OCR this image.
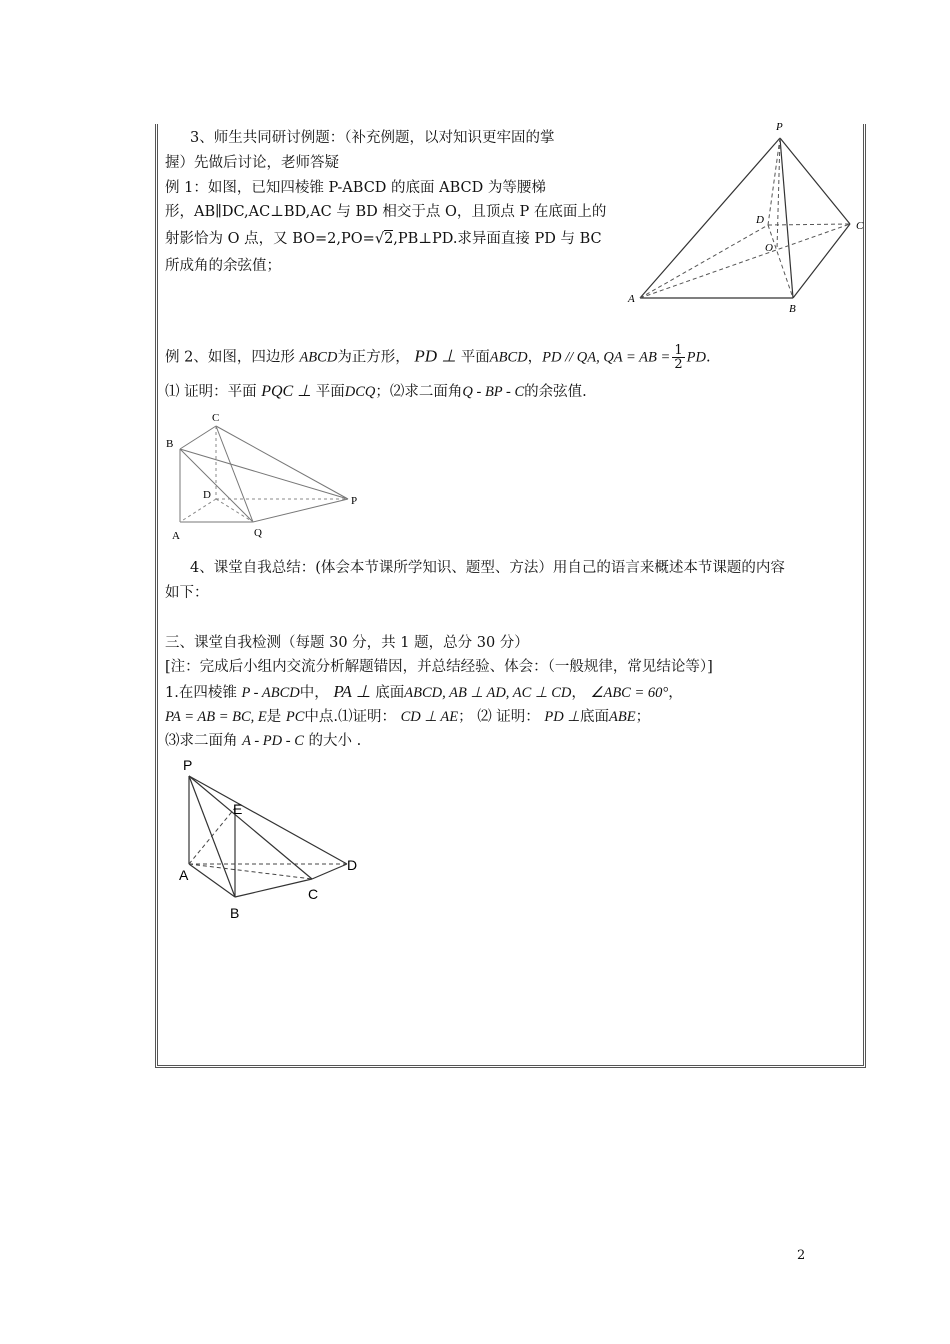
3、师生共同研讨例题：（补充例题，以对知识更牢固的掌
握）先做后讨论，老师答疑
例 1：如图，已知四棱锥 P-ABCD 的底面 ABCD 为等腰梯
形，AB∥DC,AC⊥BD,AC 与 BD 相交于点 O，且顶点 P 在底面上的
射影恰为 O 点，又 BO=2,PO=√2,PB⊥PD.求异面直接 PD 与 BC
所成角的余弦值；
P
A
B
C
D
O
例 2、如图，四边形 ABCD为正方形， PD ⊥ 平面ABCD，PD // QA, QA = AB = $\frac{1}{2}$ PD.
⑴ 证明：平面 PQC ⊥ 平面DCQ；⑵求二面角Q - BP - C的余弦值.
C
B
D	P
A	Q
4、课堂自我总结：(体会本节课所学知识、题型、方法）用自己的语言来概述本节课题的内容
如下：
三、课堂自我检测（每题 30 分，共 1 题，总分 30 分）
[注：完成后小组内交流分析解题错因，并总结经验、体会：（一般规律，常见结论等）]
1.在四棱锥 P - ABCD中， PA ⊥ 底面ABCD, AB ⊥ AD, AC ⊥ CD， ∠ABC = 60°，
PA = AB = BC, E是 PC中点.⑴证明： CD ⊥ AE； ⑵ 证明： PD ⊥底面ABE；
⑶求二面角 A - PD - C 的大小 .
P
E
A
D
C
B
2
